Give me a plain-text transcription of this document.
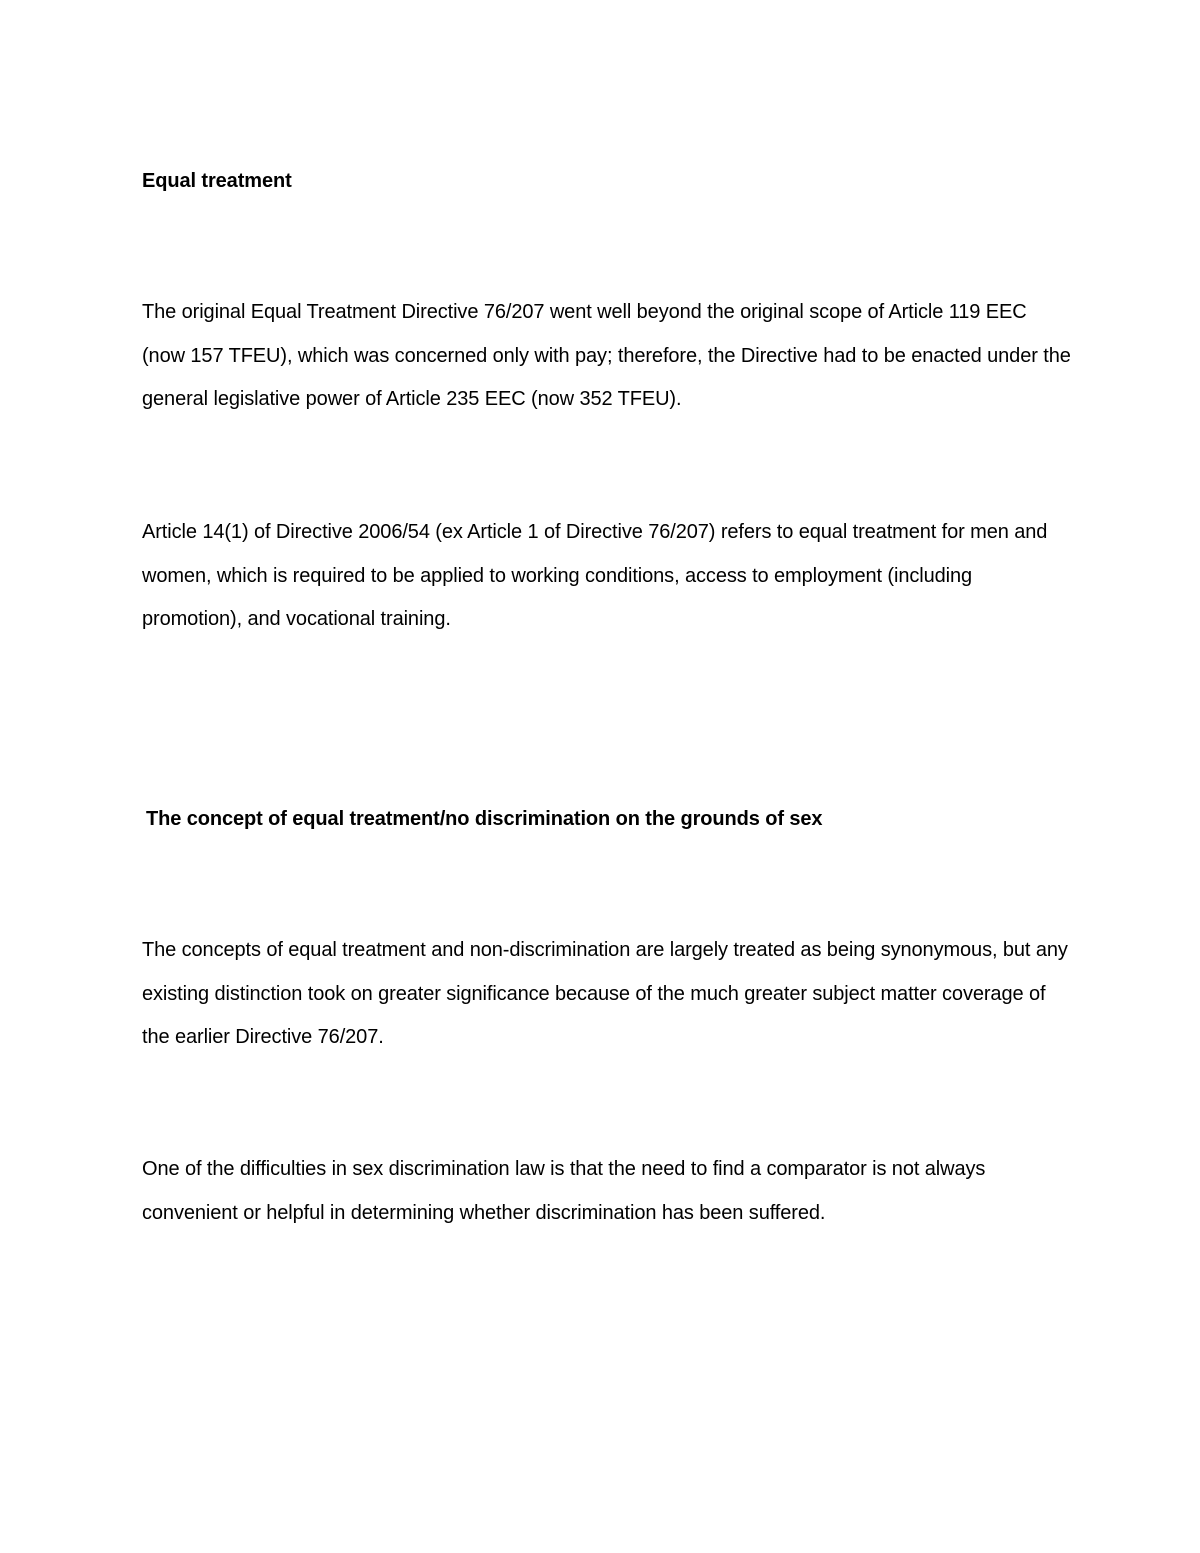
Equal treatment

The original Equal Treatment Directive 76/207 went well beyond the original scope of Article 119 EEC (now 157 TFEU), which was concerned only with pay; therefore, the Directive had to be enacted under the general legislative power of Article 235 EEC (now 352 TFEU).

Article 14(1) of Directive 2006/54 (ex Article 1 of Directive 76/207) refers to equal treatment for men and women, which is required to be applied to working conditions, access to employment (including promotion), and vocational training.

The concept of equal treatment/no discrimination on the grounds of sex

The concepts of equal treatment and non-discrimination are largely treated as being synonymous, but any existing distinction took on greater significance because of the much greater subject matter coverage of the earlier Directive 76/207.

One of the difficulties in sex discrimination law is that the need to find a comparator is not always convenient or helpful in determining whether discrimination has been suffered.
